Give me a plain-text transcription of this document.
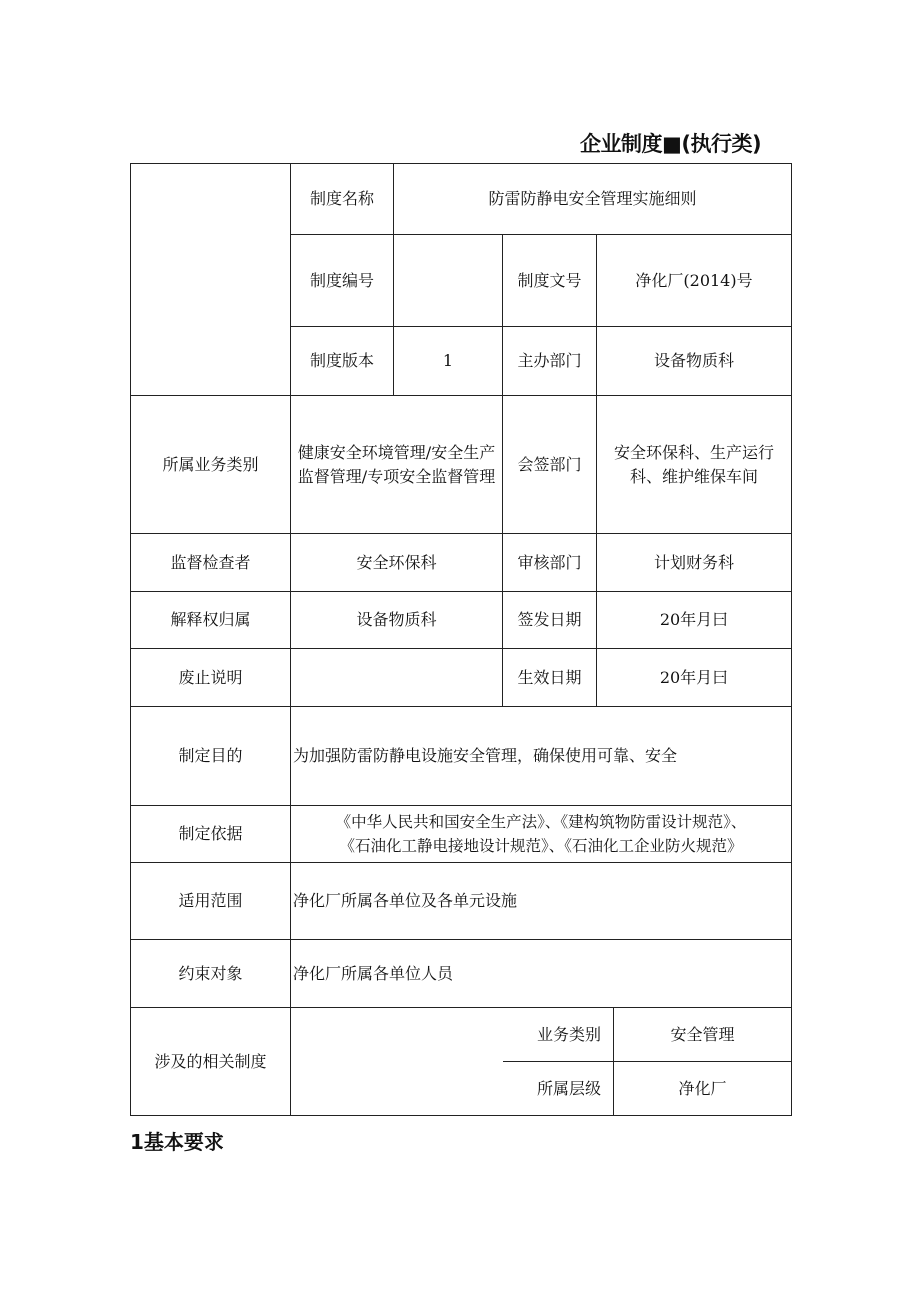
企业制度■(执行类)
	制度名称	防雷防静电安全管理实施细则			
	制度编号		制度文号	净化厂(2014)号	
	制度版本	1	主办部门	设备物质科	
所属业务类别	健康安全环境管理/安全生产监督管理/专项安全监督管理		会签部门	安全环保科、生产运行科、维护维保车间	
监督检查者	安全环保科		审核部门	计划财务科	
解释权归属	设备物质科		签发日期	20年月曰	
废止说明			生效日期	20年月曰	
制定目的	为加强防雷防静电设施安全管理，确保使用可靠、安全				
制定依据	《中华人民共和国安全生产法》、《建构筑物防雷设计规范》、
《石油化工静电接地设计规范》、《石油化工企业防火规范》				

适用范围	净化厂所属各单位及各单元设施				
约束对象	净化厂所属各单位人员				
涉及的相关制度			业务类别		安全管理
			所属层级		净化厂
1基本要求
